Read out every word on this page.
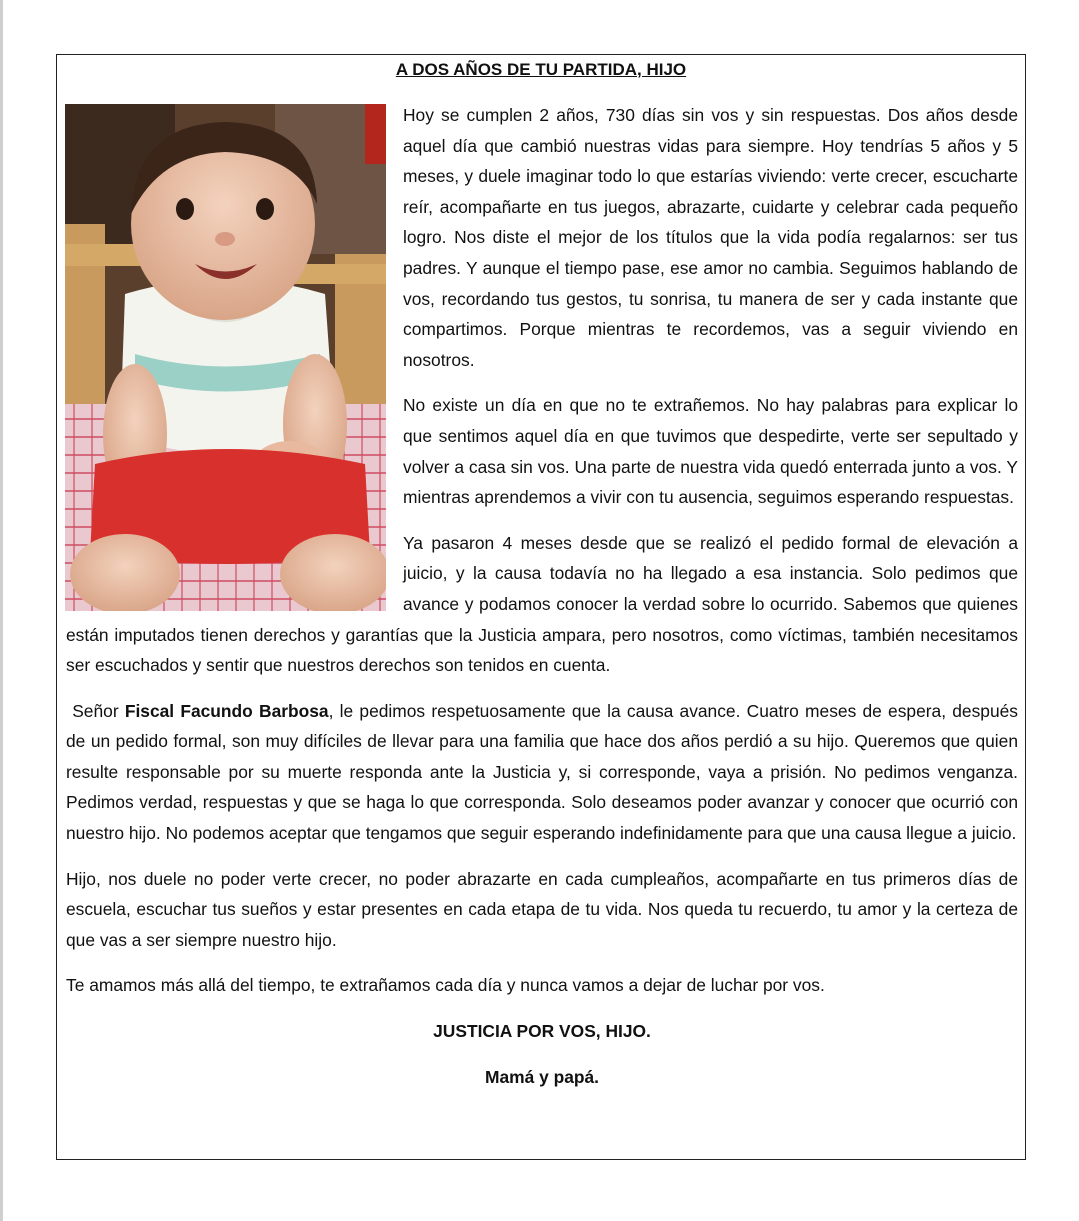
A DOS AÑOS DE TU PARTIDA, HIJO

Hoy se cumplen 2 años, 730 días sin vos y sin respuestas. Dos años desde aquel día que cambió nuestras vidas para siempre. Hoy tendrías 5 años y 5 meses, y duele imaginar todo lo que estarías viviendo: verte crecer, escucharte reír, acompañarte en tus juegos, abrazarte, cuidarte y celebrar cada pequeño logro. Nos diste el mejor de los títulos que la vida podía regalarnos: ser tus padres. Y aunque el tiempo pase, ese amor no cambia. Seguimos hablando de vos, recordando tus gestos, tu sonrisa, tu manera de ser y cada instante que compartimos. Porque mientras te recordemos, vas a seguir viviendo en nosotros.

No existe un día en que no te extrañemos. No hay palabras para explicar lo que sentimos aquel día en que tuvimos que despedirte, verte ser sepultado y volver a casa sin vos. Una parte de nuestra vida quedó enterrada junto a vos. Y mientras aprendemos a vivir con tu ausencia, seguimos esperando respuestas.

Ya pasaron 4 meses desde que se realizó el pedido formal de elevación a juicio, y la causa todavía no ha llegado a esa instancia. Solo pedimos que avance y podamos conocer la verdad sobre lo ocurrido. Sabemos que quienes están imputados tienen derechos y garantías que la Justicia ampara, pero nosotros, como víctimas, también necesitamos ser escuchados y sentir que nuestros derechos son tenidos en cuenta.

Señor Fiscal Facundo Barbosa, le pedimos respetuosamente que la causa avance. Cuatro meses de espera, después de un pedido formal, son muy difíciles de llevar para una familia que hace dos años perdió a su hijo. Queremos que quien resulte responsable por su muerte responda ante la Justicia y, si corresponde, vaya a prisión. No pedimos venganza. Pedimos verdad, respuestas y que se haga lo que corresponda. Solo deseamos poder avanzar y conocer que ocurrió con nuestro hijo. No podemos aceptar que tengamos que seguir esperando indefinidamente para que una causa llegue a juicio.

Hijo, nos duele no poder verte crecer, no poder abrazarte en cada cumpleaños, acompañarte en tus primeros días de escuela, escuchar tus sueños y estar presentes en cada etapa de tu vida. Nos queda tu recuerdo, tu amor y la certeza de que vas a ser siempre nuestro hijo.

Te amamos más allá del tiempo, te extrañamos cada día y nunca vamos a dejar de luchar por vos.

JUSTICIA POR VOS, HIJO.

Mamá y papá.
